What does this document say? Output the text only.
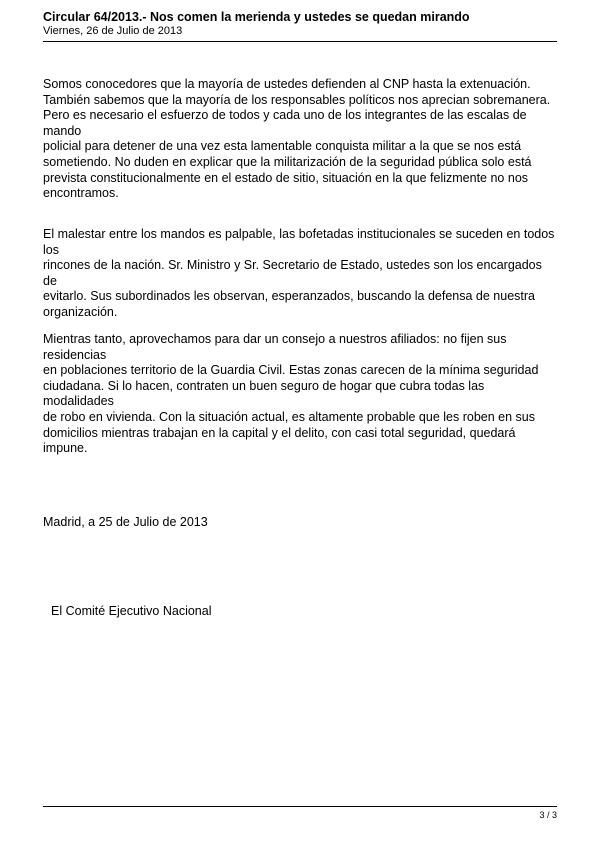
Circular 64/2013.- Nos comen la merienda y ustedes se quedan mirando
Viernes, 26 de Julio de 2013

Somos conocedores que la mayoría de ustedes defienden al CNP hasta la extenuación.

También sabemos que la mayoría de los responsables políticos nos aprecian sobremanera.

Pero es necesario el esfuerzo de todos y cada uno de los integrantes de las escalas de mando

policial para detener de una vez esta lamentable conquista militar a la que se nos está

sometiendo. No duden en explicar que la militarización de la seguridad pública solo está

prevista constitucionalmente en el estado de sitio, situación en la que felizmente no nos

encontramos.

El malestar entre los mandos es palpable, las bofetadas institucionales se suceden en todos los

rincones de la nación. Sr. Ministro y Sr. Secretario de Estado, ustedes son los encargados de

evitarlo. Sus subordinados les observan, esperanzados, buscando la defensa de nuestra

organización.

Mientras tanto, aprovechamos para dar un consejo a nuestros afiliados: no fijen sus residencias

en poblaciones territorio de la Guardia Civil. Estas zonas carecen de la mínima seguridad

ciudadana. Si lo hacen, contraten un buen seguro de hogar que cubra todas las modalidades

de robo en vivienda. Con la situación actual, es altamente probable que les roben en sus

domicilios mientras trabajan en la capital y el delito, con casi total seguridad, quedará impune.

Madrid, a 25 de Julio de 2013

El Comité Ejecutivo Nacional

3 / 3
